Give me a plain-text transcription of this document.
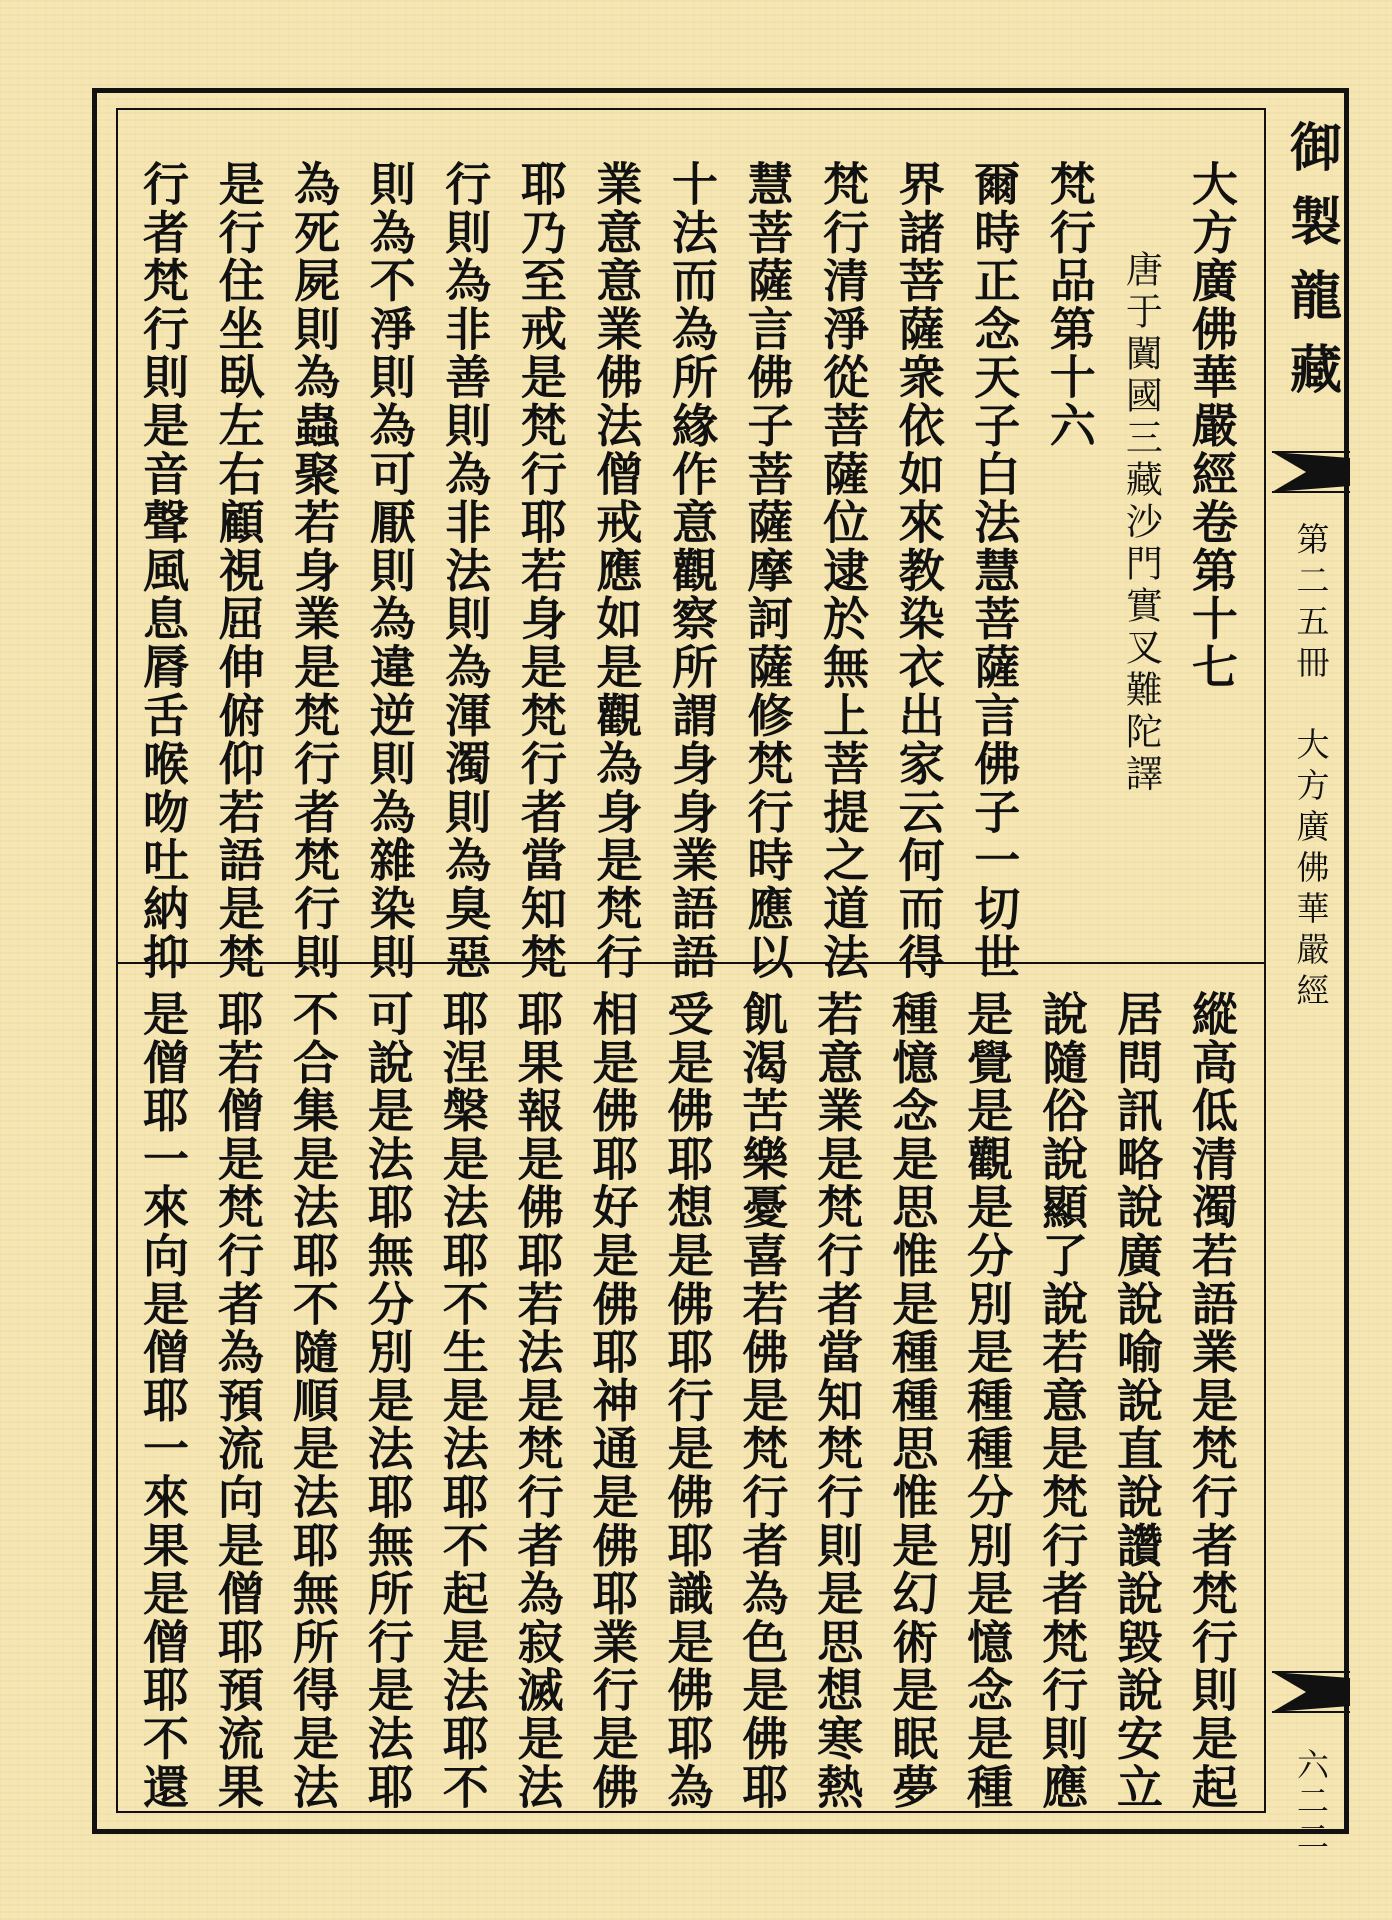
大方廣佛華嚴經卷第十七
唐于闐國三藏沙門實叉難陀譯
梵行品第十六
爾時正念天子白法慧菩薩言佛子一切世
界諸菩薩衆依如來教染衣出家云何而得
梵行清淨從菩薩位逮於無上菩提之道法
慧菩薩言佛子菩薩摩訶薩修梵行時應以
十法而為所緣作意觀察所謂身身業語語
業意意業佛法僧戒應如是觀為身是梵行
耶乃至戒是梵行耶若身是梵行者當知梵
行則為非善則為非法則為渾濁則為臭惡
則為不淨則為可厭則為違逆則為雜染則
為死屍則為蟲聚若身業是梵行者梵行則
是行住坐臥左右顧視屈伸俯仰若語是梵
行者梵行則是音聲風息脣舌喉吻吐納抑
縱高低清濁若語業是梵行者梵行則是起
居問訊略說廣說喻說直說讚說毀說安立
說隨俗說顯了說若意是梵行者梵行則應
是覺是觀是分別是種種分別是憶念是種
種憶念是思惟是種種思惟是幻術是眠夢
若意業是梵行者當知梵行則是思想寒熱
飢渴苦樂憂喜若佛是梵行者為色是佛耶
受是佛耶想是佛耶行是佛耶識是佛耶為
相是佛耶好是佛耶神通是佛耶業行是佛
耶果報是佛耶若法是梵行者為寂滅是法
耶涅槃是法耶不生是法耶不起是法耶不
可說是法耶無分別是法耶無所行是法耶
不合集是法耶不隨順是法耶無所得是法
耶若僧是梵行者為預流向是僧耶預流果
是僧耶一來向是僧耶一來果是僧耶不還
御製龍藏
第二五冊　大方廣佛華嚴經
六二二
